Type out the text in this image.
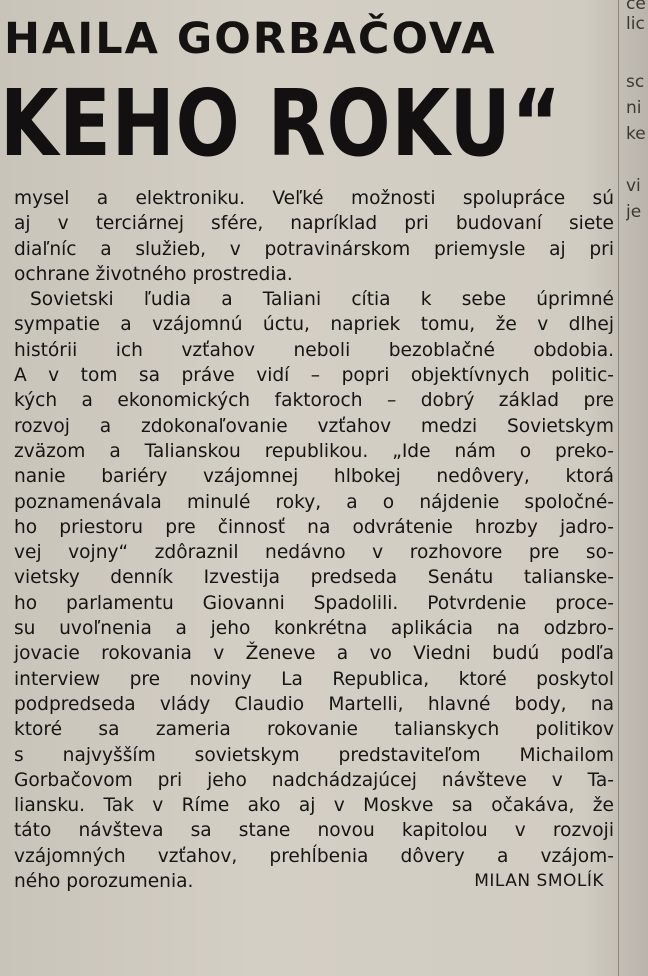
HAILA GORBAČOVA
KEHO ROKU“
ce
lic
sc
ni
ke
vi
je
mysel a elektroniku. Veľké možnosti spolupráce sú
aj v terciárnej sfére, napríklad pri budovaní siete
diaľníc a služieb, v potravinárskom priemysle aj pri
ochrane životného prostredia.
Sovietski ľudia a Taliani cítia k sebe úprimné
sympatie a vzájomnú úctu, napriek tomu, že v dlhej
histórii ich vzťahov neboli bezoblačné obdobia.
A v tom sa práve vidí – popri objektívnych politic-
kých a ekonomických faktoroch – dobrý základ pre
rozvoj a zdokonaľovanie vzťahov medzi Sovietskym
zväzom a Talianskou republikou. „Ide nám o preko-
nanie bariéry vzájomnej hlbokej nedôvery, ktorá
poznamenávala minulé roky, a o nájdenie spoločné-
ho priestoru pre činnosť na odvrátenie hrozby jadro-
vej vojny“ zdôraznil nedávno v rozhovore pre so-
vietsky denník Izvestija predseda Senátu talianske-
ho parlamentu Giovanni Spadolili. Potvrdenie proce-
su uvoľnenia a jeho konkrétna aplikácia na odzbro-
jovacie rokovania v Ženeve a vo Viedni budú podľa
interview pre noviny La Republica, ktoré poskytol
podpredseda vlády Claudio Martelli, hlavné body, na
ktoré sa zameria rokovanie talianskych politikov
s najvyšším sovietskym predstaviteľom Michailom
Gorbačovom pri jeho nadchádzajúcej návšteve v Ta-
liansku. Tak v Ríme ako aj v Moskve sa očakáva, že
táto návšteva sa stane novou kapitolou v rozvoji
vzájomných vzťahov, prehĺbenia dôvery a vzájom-
ného porozumenia.	MILAN SMOLÍK
